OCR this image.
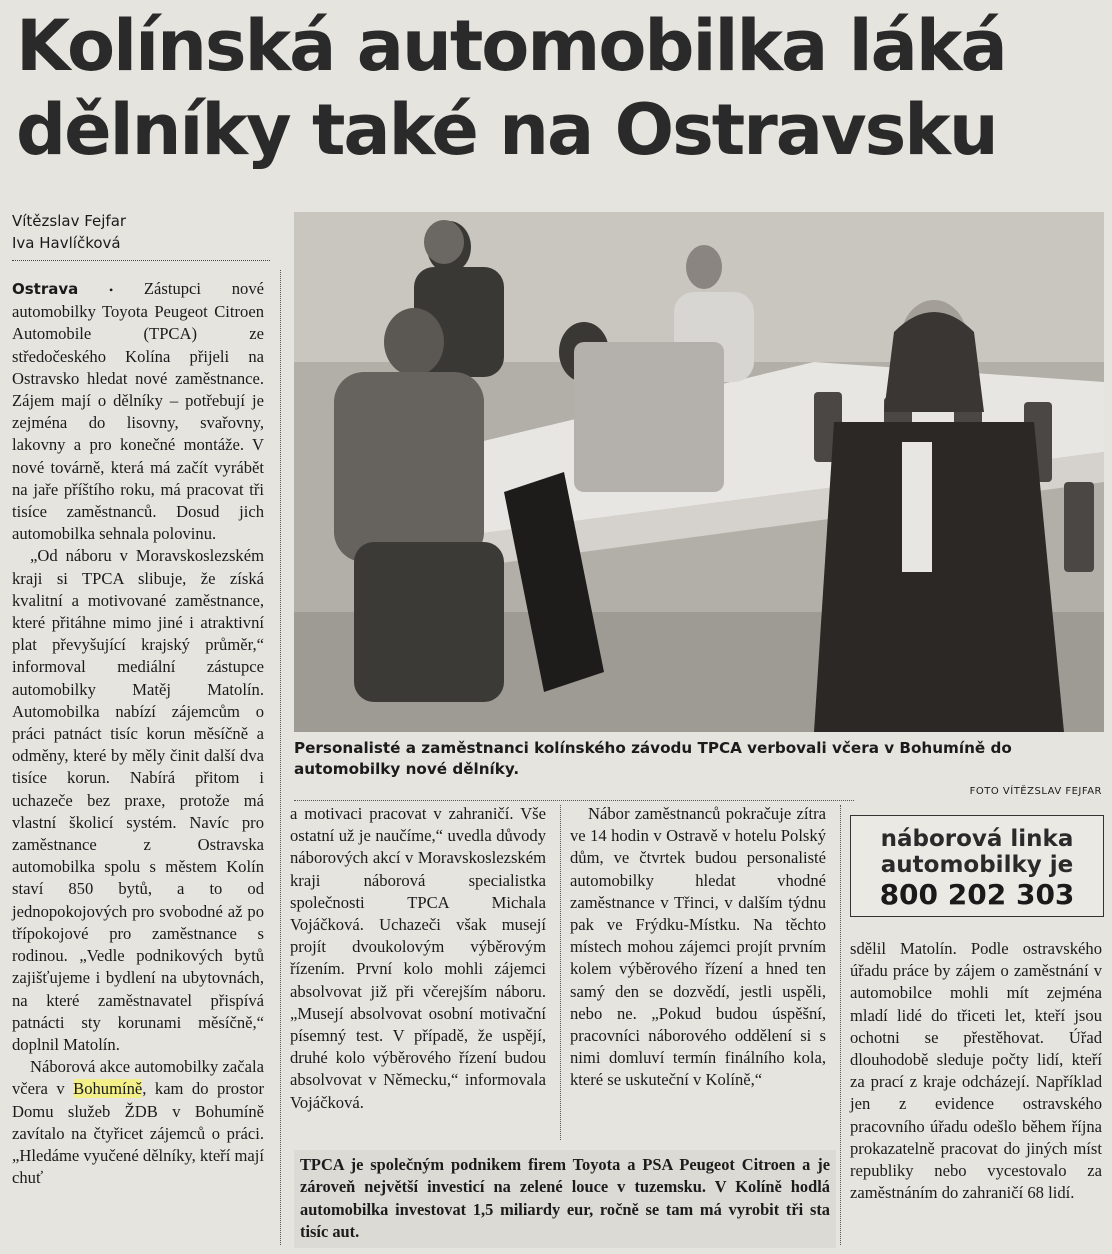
Kolínská automobilka láká
dělníky také na Ostravsku
Vítězslav Fejfar
Iva Havlíčková

Ostrava	• Zástupci nové automobilky Toyota Peugeot Citroen Automobile (TPCA) ze středočeského Kolína přijeli na Ostravsko hledat nové zaměstnance. Zájem mají o dělníky – potřebují je zejména do lisovny, svařovny, lakovny a pro konečné montáže. V nové továrně, která má začít vyrábět na jaře příštího roku, má pracovat tři tisíce zaměstnanců. Dosud jich automobilka sehnala polovinu.

„Od náboru v Moravskoslezském kraji si TPCA slibuje, že získá kvalitní a motivované zaměstnance, které přitáhne mimo jiné i atraktivní plat převyšující krajský průměr,“ informoval mediální zástupce automobilky Matěj Matolín. Automobilka nabízí zájemcům o práci patnáct tisíc korun měsíčně a odměny, které by měly činit další dva tisíce korun. Nabírá přitom i uchazeče bez praxe, protože má vlastní školicí systém. Navíc pro zaměstnance z Ostravska automobilka spolu s městem Kolín staví 850 bytů, a to od jednopokojových pro svobodné až po třípokojové pro zaměstnance s rodinou. „Vedle podnikových bytů zajišťujeme i bydlení na ubytovnách, na které zaměstnavatel přispívá patnácti sty korunami měsíčně,“ doplnil Matolín.

Náborová akce automobilky začala včera v Bohumíně, kam do prostor Domu služeb ŽDB v Bohumíně zavítalo na čtyřicet zájemců o práci. „Hledáme vyučené dělníky, kteří mají chuť

Personalisté a zaměstnanci kolínského závodu TPCA verbovali včera v Bohumíně do automobilky nové dělníky.
FOTO VÍTĚZSLAV FEJFAR

a motivaci pracovat v zahraničí. Vše ostatní už je naučíme,“ uvedla důvody náborových akcí v Moravskoslezském kraji náborová specialistka společnosti TPCA Michala Vojáčková. Uchazeči však musejí projít dvoukolovým výběrovým řízením. První kolo mohli zájemci absolvovat již při včerejším náboru. „Musejí absolvovat osobní motivační písemný test. V případě, že uspějí, druhé kolo výběrového řízení budou absolvovat v Německu,“ informovala Vojáčková.

Nábor zaměstnanců pokračuje zítra ve 14 hodin v Ostravě v hotelu Polský dům, ve čtvrtek budou personalisté automobilky hledat vhodné zaměstnance v Třinci, v dalším týdnu pak ve Frýdku-Místku. Na těchto místech mohou zájemci projít prvním kolem výběrového řízení a hned ten samý den se dozvědí, jestli uspěli, nebo ne. „Pokud budou úspěšní, pracovníci náborového oddělení si s nimi domluví termín finálního kola, které se uskuteční v Kolíně,“

náborová linka
automobilky je
800 202 303

sdělil Matolín. Podle ostravského úřadu práce by zájem o zaměstnání v automobilce mohli mít zejména mladí lidé do třiceti let, kteří jsou ochotni se přestěhovat. Úřad dlouhodobě sleduje počty lidí, kteří za prací z kraje odcházejí. Například jen z evidence ostravského pracovního úřadu odešlo během října prokazatelně pracovat do jiných míst republiky nebo vycestovalo za zaměstnáním do zahraničí 68 lidí.

TPCA je společným podnikem firem Toyota a PSA Peugeot Citroen a je zároveň největší investicí na zelené louce v tuzemsku. V Kolíně hodlá automobilka investovat 1,5 miliardy eur, ročně se tam má vyrobit tři sta tisíc aut.
